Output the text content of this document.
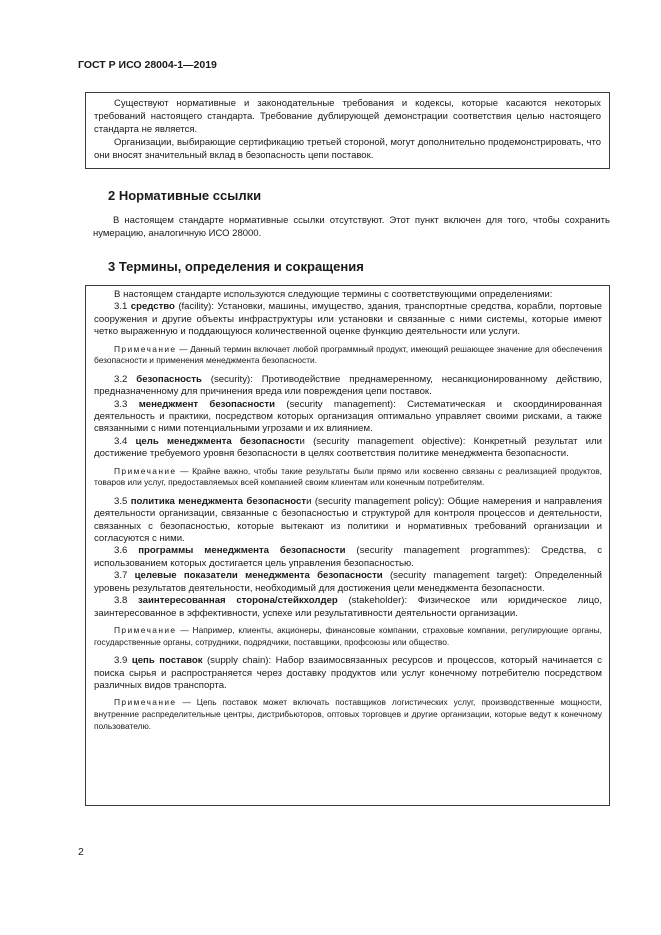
ГОСТ Р ИСО 28004-1—2019

Существуют нормативные и законодательные требования и кодексы, которые касаются некоторых требований настоящего стандарта. Требование дублирующей демонстрации соответствия целью настоящего стандарта не является.

Организации, выбирающие сертификацию третьей стороной, могут дополнительно продемонстрировать, что они вносят значительный вклад в безопасность цепи поставок.

2 Нормативные ссылки

В настоящем стандарте нормативные ссылки отсутствуют. Этот пункт включен для того, чтобы сохранить нумерацию, аналогичную ИСО 28000.

3 Термины, определения и сокращения

В настоящем стандарте используются следующие термины с соответствующими определениями:

3.1 средство (facility): Установки, машины, имущество, здания, транспортные средства, корабли, портовые сооружения и другие объекты инфраструктуры или установки и связанные с ними системы, которые имеют четко выраженную и поддающуюся количественной оценке функцию деятельности или услуги.

Примечание — Данный термин включает любой программный продукт, имеющий решающее значение для обеспечения безопасности и применения менеджмента безопасности.

3.2 безопасность (security): Противодействие преднамеренному, несанкционированному действию, предназначенному для причинения вреда или повреждения цепи поставок.

3.3 менеджмент безопасности (security management): Систематическая и скоординированная деятельность и практики, посредством которых организация оптимально управляет своими рисками, а также связанными с ними потенциальными угрозами и их влиянием.

3.4 цель менеджмента безопасности (security management objective): Конкретный результат или достижение требуемого уровня безопасности в целях соответствия политике менеджмента безопасности.

Примечание — Крайне важно, чтобы такие результаты были прямо или косвенно связаны с реализацией продуктов, товаров или услуг, предоставляемых всей компанией своим клиентам или конечным потребителям.

3.5 политика менеджмента безопасности (security management policy): Общие намерения и направления деятельности организации, связанные с безопасностью и структурой для контроля процессов и деятельности, связанных с безопасностью, которые вытекают из политики и нормативных требований организации и согласуются с ними.

3.6 программы менеджмента безопасности (security management programmes): Средства, с использованием которых достигается цель управления безопасностью.

3.7 целевые показатели менеджмента безопасности (security management target): Определенный уровень результатов деятельности, необходимый для достижения цели менеджмента безопасности.

3.8 заинтересованная сторона/стейкхолдер (stakeholder): Физическое или юридическое лицо, заинтересованное в эффективности, успехе или результативности деятельности организации.

Примечание — Например, клиенты, акционеры, финансовые компании, страховые компании, регулирующие органы, государственные органы, сотрудники, подрядчики, поставщики, профсоюзы или общество.

3.9 цепь поставок (supply chain): Набор взаимосвязанных ресурсов и процессов, который начинается с поиска сырья и распространяется через доставку продуктов или услуг конечному потребителю посредством различных видов транспорта.

Примечание — Цепь поставок может включать поставщиков логистических услуг, производственные мощности, внутренние распределительные центры, дистрибьюторов, оптовых торговцев и другие организации, которые ведут к конечному пользователю.

2
